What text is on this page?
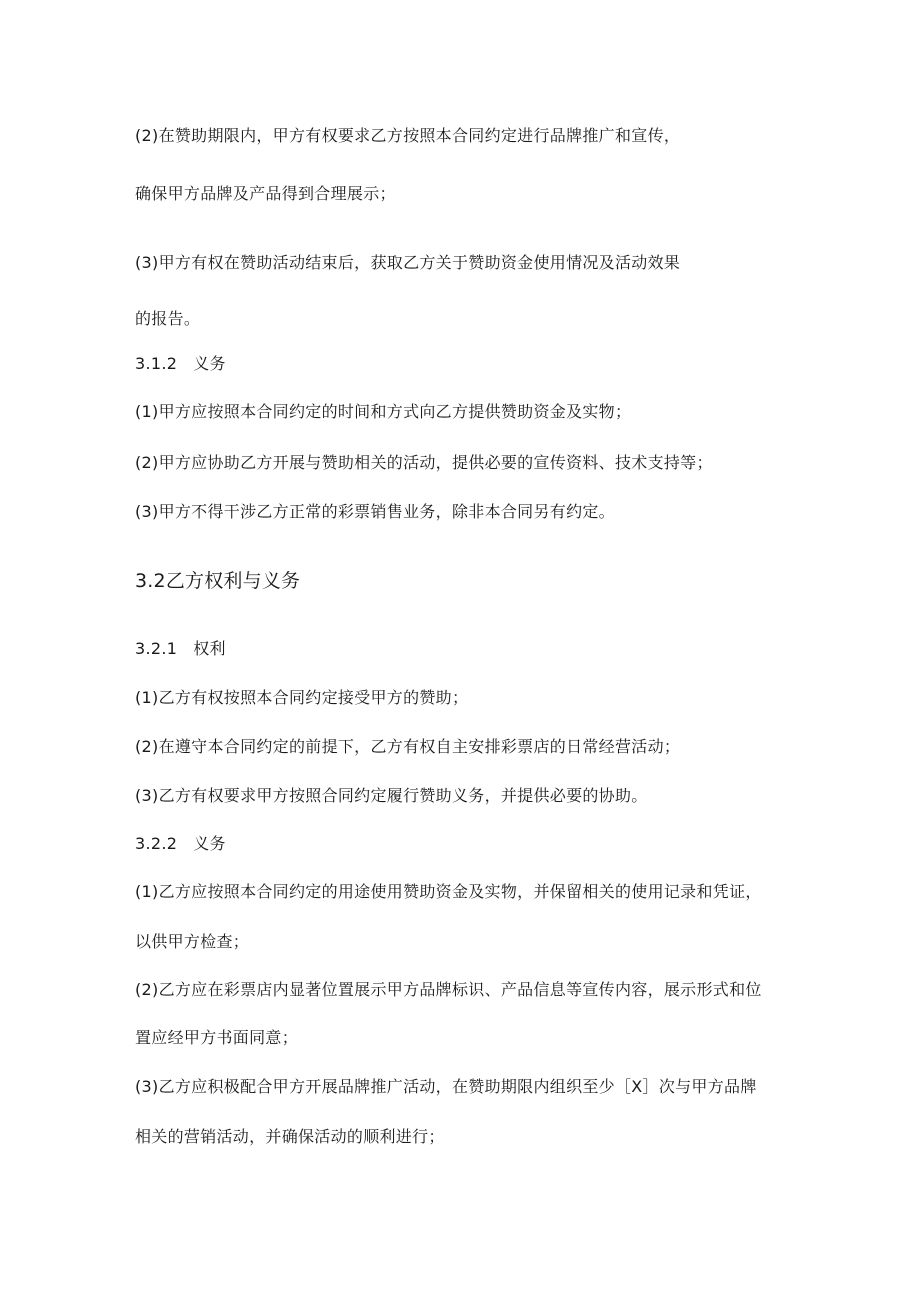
(2)在赞助期限内，甲方有权要求乙方按照本合同约定进行品牌推广和宣传，
确保甲方品牌及产品得到合理展示；
(3)甲方有权在赞助活动结束后，获取乙方关于赞助资金使用情况及活动效果
的报告。
3.1.2 义务
(1)甲方应按照本合同约定的时间和方式向乙方提供赞助资金及实物；
(2)甲方应协助乙方开展与赞助相关的活动，提供必要的宣传资料、技术支持等；
(3)甲方不得干涉乙方正常的彩票销售业务，除非本合同另有约定。
3.2乙方权利与义务
3.2.1 权利
(1)乙方有权按照本合同约定接受甲方的赞助；
(2)在遵守本合同约定的前提下，乙方有权自主安排彩票店的日常经营活动；
(3)乙方有权要求甲方按照合同约定履行赞助义务，并提供必要的协助。
3.2.2 义务
(1)乙方应按照本合同约定的用途使用赞助资金及实物，并保留相关的使用记录和凭证，
以供甲方检查；
(2)乙方应在彩票店内显著位置展示甲方品牌标识、产品信息等宣传内容，展示形式和位
置应经甲方书面同意；
(3)乙方应积极配合甲方开展品牌推广活动，在赞助期限内组织至少［X］次与甲方品牌
相关的营销活动，并确保活动的顺利进行；
